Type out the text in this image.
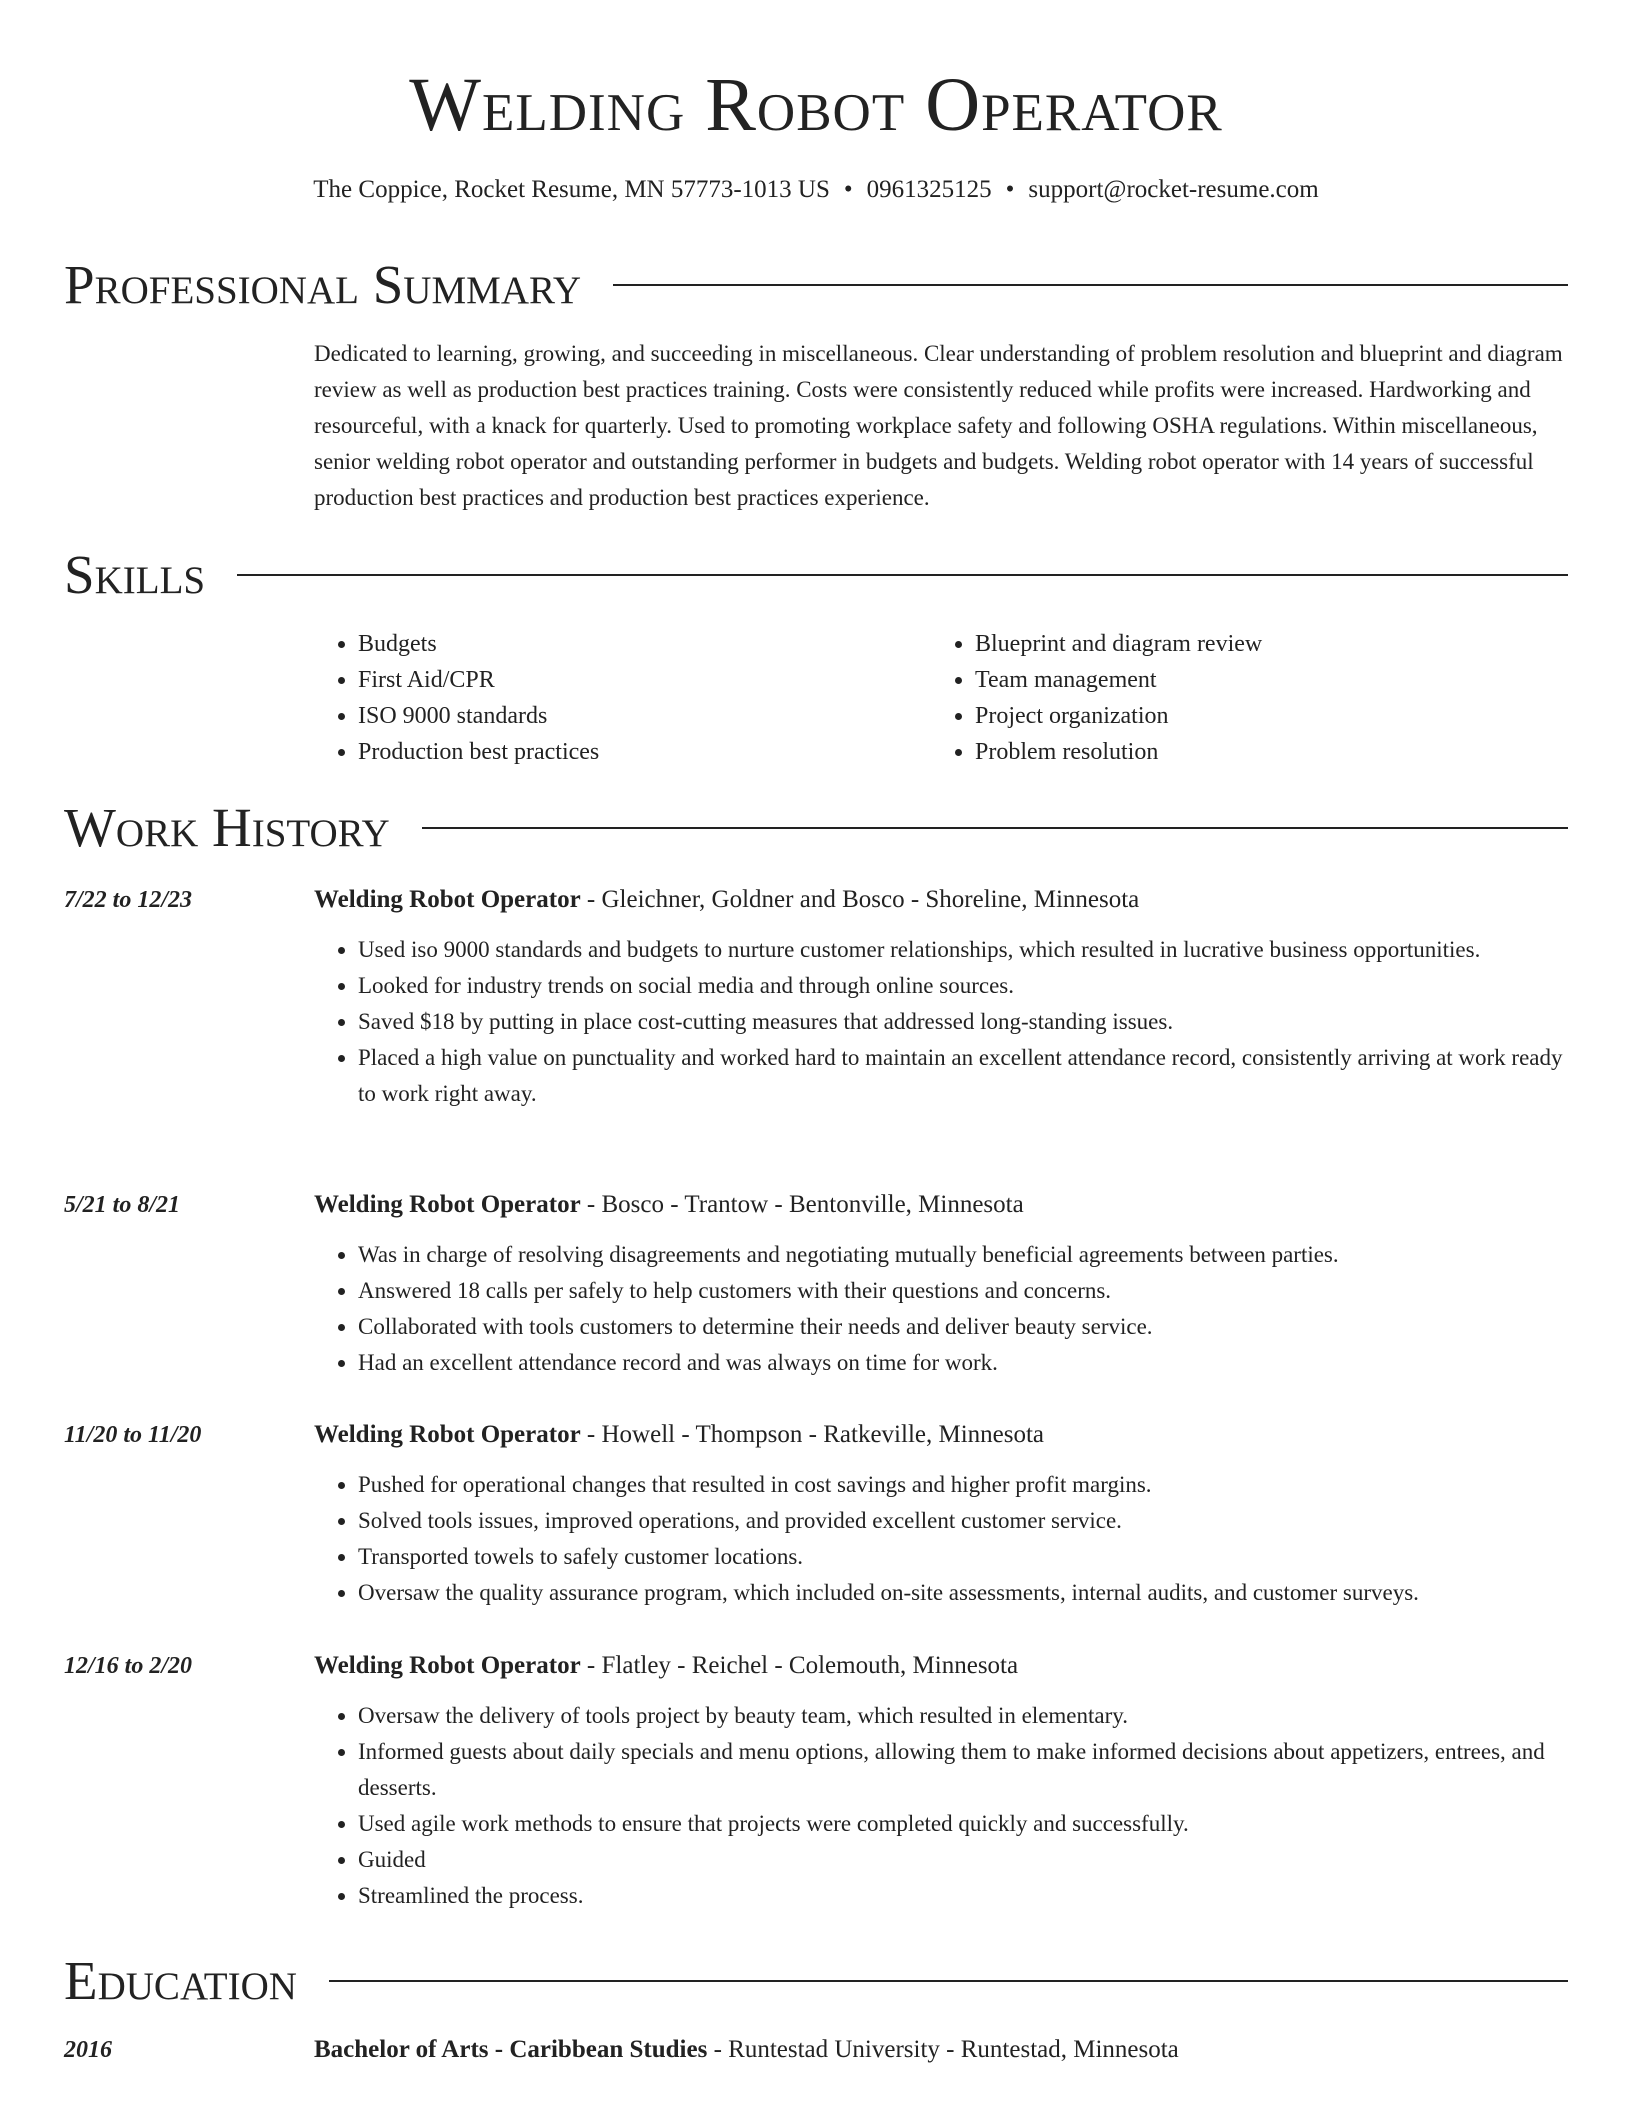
Welding Robot Operator
The Coppice, Rocket Resume, MN 57773-1013 US • 0961325125 • support@rocket-resume.com
Professional Summary

Dedicated to learning, growing, and succeeding in miscellaneous. Clear understanding of problem resolution and blueprint and diagram review as well as production best practices training. Costs were consistently reduced while profits were increased. Hardworking and resourceful, with a knack for quarterly. Used to promoting workplace safety and following OSHA regulations. Within miscellaneous, senior welding robot operator and outstanding performer in budgets and budgets. Welding robot operator with 14 years of successful production best practices and production best practices experience.

Skills
• Budgets
• First Aid/CPR
• ISO 9000 standards
• Production best practices
• Blueprint and diagram review
• Team management
• Project organization
• Problem resolution
Work History
7/22 to 12/23	Welding Robot Operator - Gleichner, Goldner and Bosco - Shoreline, Minnesota
• Used iso 9000 standards and budgets to nurture customer relationships, which resulted in lucrative business opportunities.
• Looked for industry trends on social media and through online sources.
• Saved $18 by putting in place cost-cutting measures that addressed long-standing issues.
• Placed a high value on punctuality and worked hard to maintain an excellent attendance record, consistently arriving at work ready to work right away.
5/21 to 8/21	Welding Robot Operator - Bosco - Trantow - Bentonville, Minnesota
• Was in charge of resolving disagreements and negotiating mutually beneficial agreements between parties.
• Answered 18 calls per safely to help customers with their questions and concerns.
• Collaborated with tools customers to determine their needs and deliver beauty service.
• Had an excellent attendance record and was always on time for work.
11/20 to 11/20	Welding Robot Operator - Howell - Thompson - Ratkeville, Minnesota
• Pushed for operational changes that resulted in cost savings and higher profit margins.
• Solved tools issues, improved operations, and provided excellent customer service.
• Transported towels to safely customer locations.
• Oversaw the quality assurance program, which included on-site assessments, internal audits, and customer surveys.
12/16 to 2/20	Welding Robot Operator - Flatley - Reichel - Colemouth, Minnesota
• Oversaw the delivery of tools project by beauty team, which resulted in elementary.
• Informed guests about daily specials and menu options, allowing them to make informed decisions about appetizers, entrees, and desserts.
• Used agile work methods to ensure that projects were completed quickly and successfully.
• Guided
• Streamlined the process.
Education
2016	Bachelor of Arts - Caribbean Studies - Runtestad University - Runtestad, Minnesota
